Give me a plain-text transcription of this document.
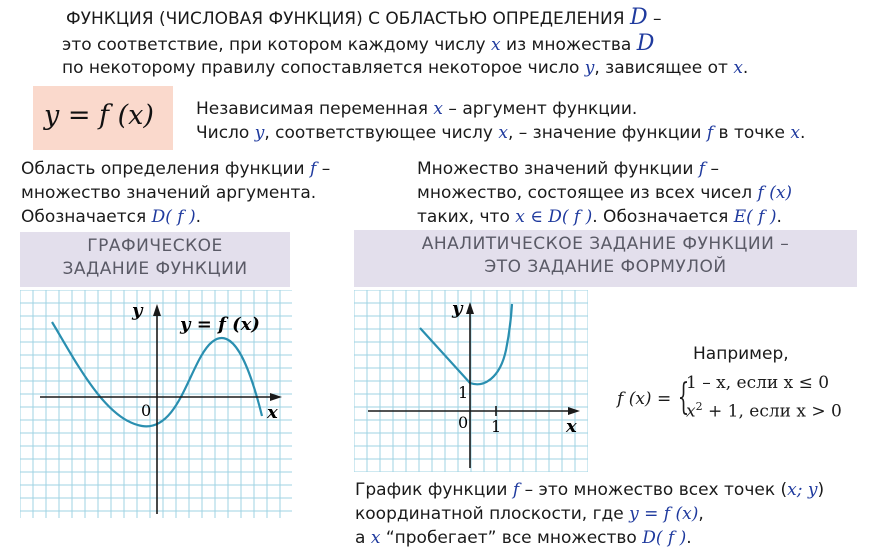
ФУНКЦИЯ (ЧИСЛОВАЯ ФУНКЦИЯ) С ОБЛАСТЬЮ ОПРЕДЕЛЕНИЯ D –
это соответствие, при котором каждому числу x из множества D
по некоторому правилу сопоставляется некоторое число y, зависящее от x.
y = f (x) Независимая переменная x – аргумент функции.
Число y, соответствующее числу x, – значение функции f в точке x.
Область определения функции f –
множество значений аргумента.
Обозначается D( f ).
Множество значений функции f –
множество, состоящее из всех чисел f (x)
таких, что x ∈ D( f ). Обозначается E( f ).
ГРАФИЧЕСКОЕ
ЗАДАНИЕ ФУНКЦИИ
АНАЛИТИЧЕСКОЕ ЗАДАНИЕ ФУНКЦИИ –
ЭТО ЗАДАНИЕ ФОРМУЛОЙ
y
x
0
y = f (x)
y
x
0 1
1
Например,
f (x) = {
1 – x, если x ≤ 0
$x^2 + 1$, если x > 0
График функции f – это множество всех точек (x; y)
координатной плоскости, где y = f (x),
а x “пробегает” все множество D( f ).
